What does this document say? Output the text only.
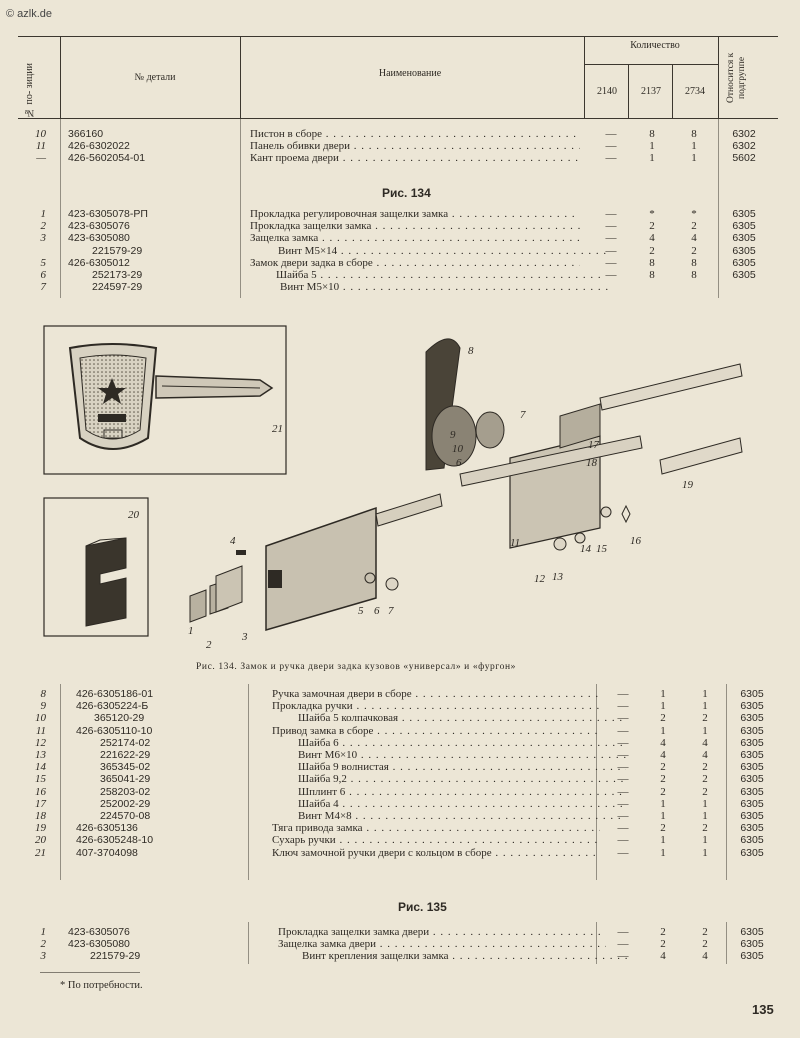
© azlk.de
№ по- зиции	№ детали	Наименование
Количество
2140	2137	2734	Относится к подгруппе
10 366160	Пистон в сборе . . .	—	8	8	6302
11 426-6302022	Панель обивки двери . . .	—	1	1	6302
— 426-5602054-01	Кант проема двери . . .	—	1	1	5602
Рис. 134
1 423-6305078-РП	Прокладка регулировочная защелки замка . . .	—	*	*	6305
2 423-6305076	Прокладка защелки замка . . .	—	2	2	6305
3 423-6305080	Защелка замка . . .	—	4	4	6305
221579-29	Винт М5×14 . . .	—	2	2	6305
5 426-6305012	Замок двери задка в сборе . . .	—	8	8	6305
6	252173-29	Шайба 5 . . .	—	8	8	6305
7	224597-29	Винт М5×10 . . .
21
20
8
7
9
10
6
17
18
19
4
1
2
3
5 6 7
11
12 13
14 15
16
Рис. 134. Замок и ручка двери задка кузовов «универсал» и «фургон»
8	426-6305186-01	Ручка замочная двери в сборе . . .	—	1	1	6305
9	426-6305224-Б	Прокладка ручки . . .	—	1	1	6305
10	365120-29	Шайба 5 колпачковая . . .	—	2	2	6305
11	426-6305110-10	Привод замка в сборе . . .	—	1	1	6305
12	252174-02	Шайба 6 . . .	—	4	4	6305
13	221622-29	Винт М6×10 . . .	—	4	4	6305
14	365345-02	Шайба 9 волнистая . . .	—	2	2	6305
15	365041-29	Шайба 9,2 . . .	—	2	2	6305
16	258203-02	Шплинт 6 . . .	—	2	2	6305
17	252002-29	Шайба 4 . . .	—	1	1	6305
18	224570-08	Винт М4×8 . . .	—	1	1	6305
19	426-6305136	Тяга привода замка . . .	—	2	2	6305
20	426-6305248-10	Сухарь ручки . . .	—	1	1	6305
21	407-3704098	Ключ замочной ручки двери с кольцом в сборе . . .	—	1	1	6305
Рис. 135
1 423-6305076	Прокладка защелки замка двери . . .	—	2	2	6305
2 423-6305080	Защелка замка двери . . .	—	2	2	6305
3	221579-29	Винт крепления защелки замка . . .	—	4	4	6305
* По потребности.
135
